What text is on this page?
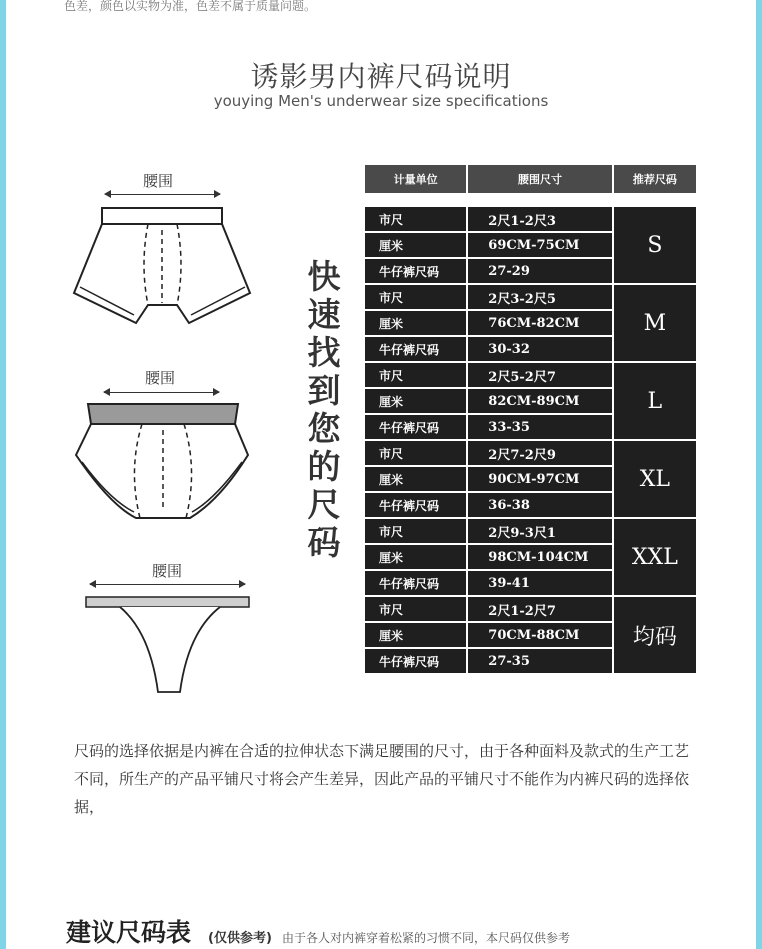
色差，颜色以实物为准，色差不属于质量问题。
诱影男内裤尺码说明
youying Men's underwear size specifications
腰围
腰围
腰围
快
速
找
到
您
的
尺
码
计量单位	腰围尺寸	推荐尺码

市尺	2尺1-2尺3	S
厘米	69CM-75CM	
牛仔裤尺码	27-29	
市尺	2尺3-2尺5	M
厘米	76CM-82CM	
牛仔裤尺码	30-32	
市尺	2尺5-2尺7	L
厘米	82CM-89CM	
牛仔裤尺码	33-35	
市尺	2尺7-2尺9	XL
厘米	90CM-97CM	
牛仔裤尺码	36-38	
市尺	2尺9-3尺1	XXL
厘米	98CM-104CM	
牛仔裤尺码	39-41	
市尺	2尺1-2尺7	均码
厘米	70CM-88CM	
牛仔裤尺码	27-35	
尺码的选择依据是内裤在合适的拉伸状态下满足腰围的尺寸，由于各种面料及款式的生产工艺不同，所生产的产品平铺尺寸将会产生差异，因此产品的平铺尺寸不能作为内裤尺码的选择依据，
建议尺码表 (仅供参考) 由于各人对内裤穿着松紧的习惯不同，本尺码仅供参考
